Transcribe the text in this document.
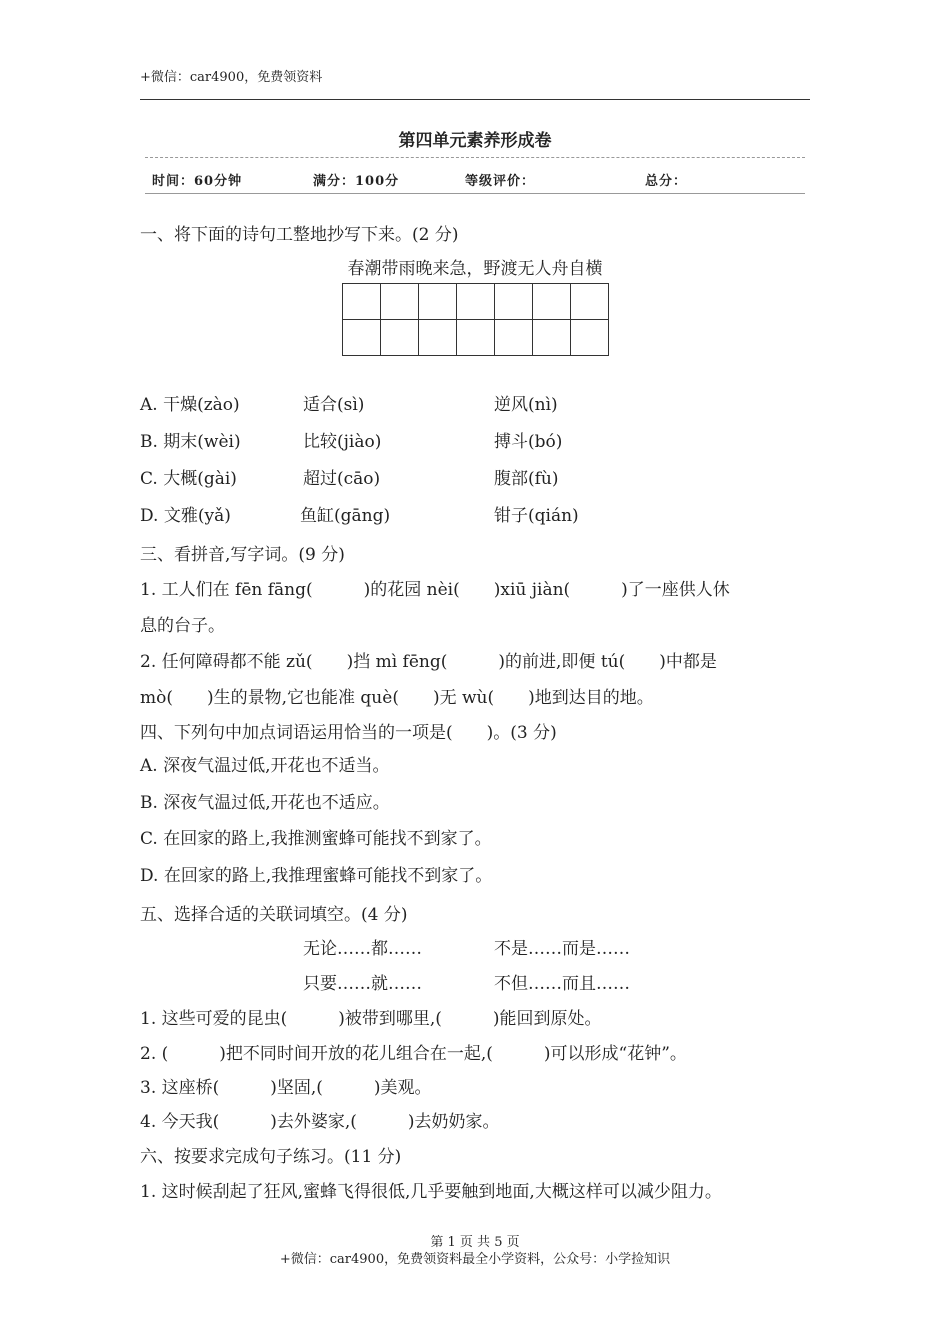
+微信：car4900，免费领资料
第四单元素养形成卷
时间：60分钟	满分：100分	等级评价：	总分：
一、将下面的诗句工整地抄写下来。(2 分)
春潮带雨晚来急，野渡无人舟自横
A. 干燥(zào)	适合(sì)	逆风(nì)
B. 期末(wèi)	比较(jiào)	搏斗(bó)
C. 大概(gài)	超过(cāo)	腹部(fù)
D. 文雅(yǎ)	鱼缸(gāng)	钳子(qián)
三、看拼音,写字词。(9 分)
1. 工人们在 fēn fāng(　　　)的花园 nèi(　　)xiū jiàn(　　　)了一座供人休
息的台子。
2. 任何障碍都不能 zǔ(　　)挡 mì fēng(　　　)的前进,即便 tú(　　)中都是
mò(　　)生的景物,它也能准 què(　　)无 wù(　　)地到达目的地。
四、下列句中加点词语运用恰当的一项是(　　)。(3 分)
A. 深夜气温过低,开花也不适当。
B. 深夜气温过低,开花也不适应。
C. 在回家的路上,我推测蜜蜂可能找不到家了。
D. 在回家的路上,我推理蜜蜂可能找不到家了。
五、选择合适的关联词填空。(4 分)
无论……都……	不是……而是……
只要……就……	不但……而且……
1. 这些可爱的昆虫(　　　)被带到哪里,(　　　)能回到原处。
2. (　　　)把不同时间开放的花儿组合在一起,(　　　)可以形成“花钟”。
3. 这座桥(　　　)坚固,(　　　)美观。
4. 今天我(　　　)去外婆家,(　　　)去奶奶家。
六、按要求完成句子练习。(11 分)
1. 这时候刮起了狂风,蜜蜂飞得很低,几乎要触到地面,大概这样可以减少阻力。
第 1 页 共 5 页
+微信：car4900，免费领资料最全小学资料，公众号：小学捡知识
